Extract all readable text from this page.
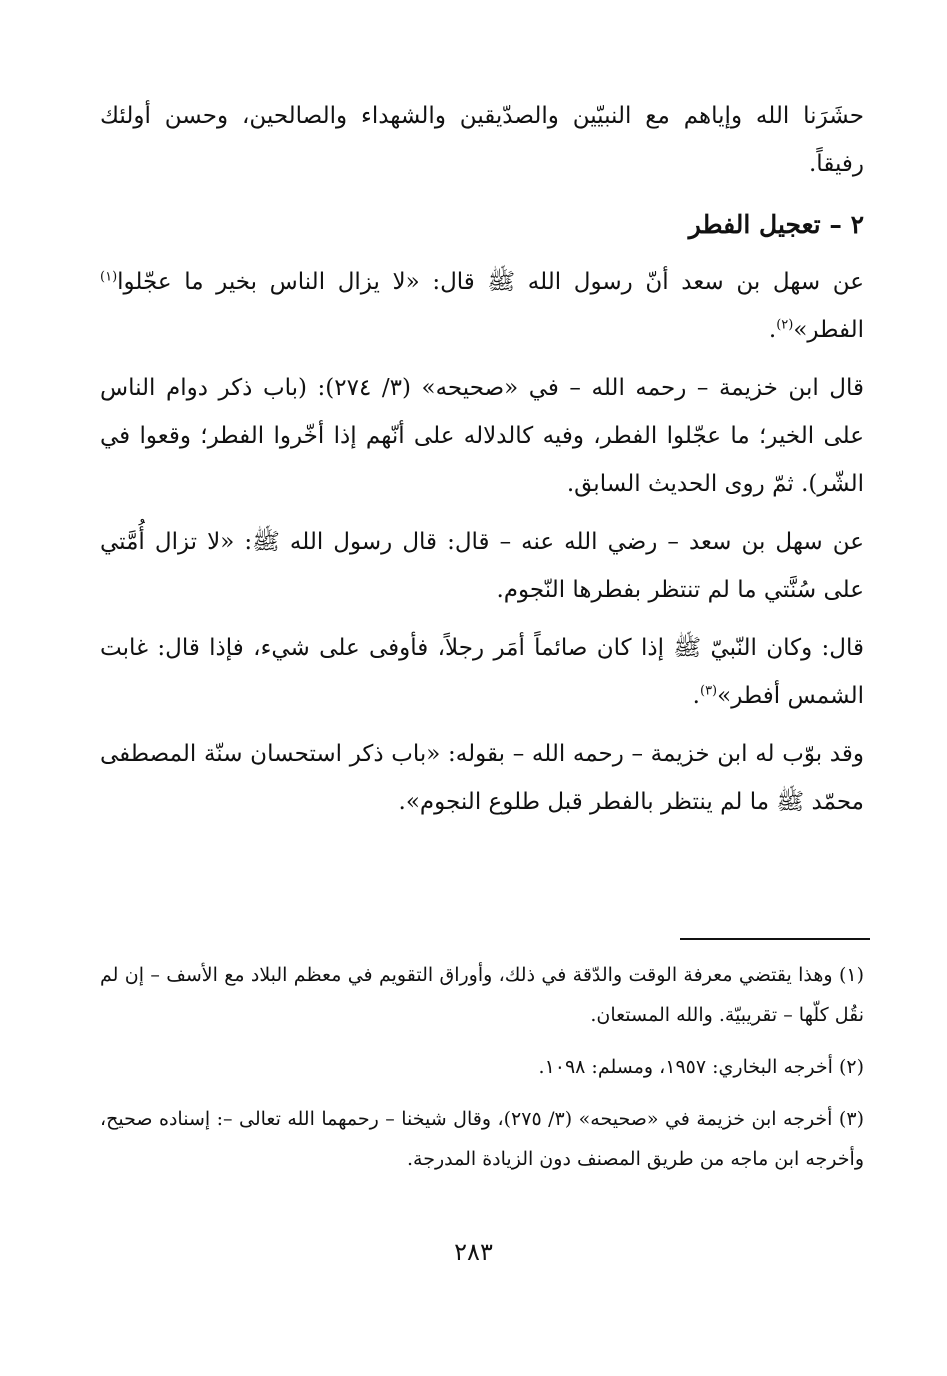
حشَرَنا الله وإياهم مع النبيّين والصدّيقين والشهداء والصالحين، وحسن أولئك رفيقاً.

٢ – تعجيل الفطر

عن سهل بن سعد أنّ رسول الله ﷺ قال: «لا يزال الناس بخير ما عجّلوا$^{(١)}$ الفطر»$^{(٢)}$.

قال ابن خزيمة – رحمه الله – في «صحيحه» (٣/ ٢٧٤): (باب ذكر دوام الناس على الخير؛ ما عجّلوا الفطر، وفيه كالدلاله على أنّهم إذا أخّروا الفطر؛ وقعوا في الشّر). ثمّ روى الحديث السابق.

عن سهل بن سعد – رضي الله عنه – قال: قال رسول الله ﷺ: «لا تزال أُمَّتي على سُنَّتي ما لم تنتظر بفطرها النّجوم.

قال: وكان النّبيّ ﷺ إذا كان صائماً أمَر رجلاً، فأوفى على شيء، فإذا قال: غابت الشمس أفطر»$^{(٣)}$.

وقد بوّب له ابن خزيمة – رحمه الله – بقوله: «باب ذكر استحسان سنّة المصطفى محمّد ﷺ ما لم ينتظر بالفطر قبل طلوع النجوم».

(١) وهذا يقتضي معرفة الوقت والدّقة في ذلك، وأوراق التقويم في معظم البلاد مع الأسف – إن لم نقُل كلّها – تقريبيّة. والله المستعان.

(٢) أخرجه البخاري: ١٩٥٧، ومسلم: ١٠٩٨.

(٣) أخرجه ابن خزيمة في «صحيحه» (٣/ ٢٧٥)، وقال شيخنا – رحمهما الله تعالى –: إسناده صحيح، وأخرجه ابن ماجه من طريق المصنف دون الزيادة المدرجة.

٢٨٣
